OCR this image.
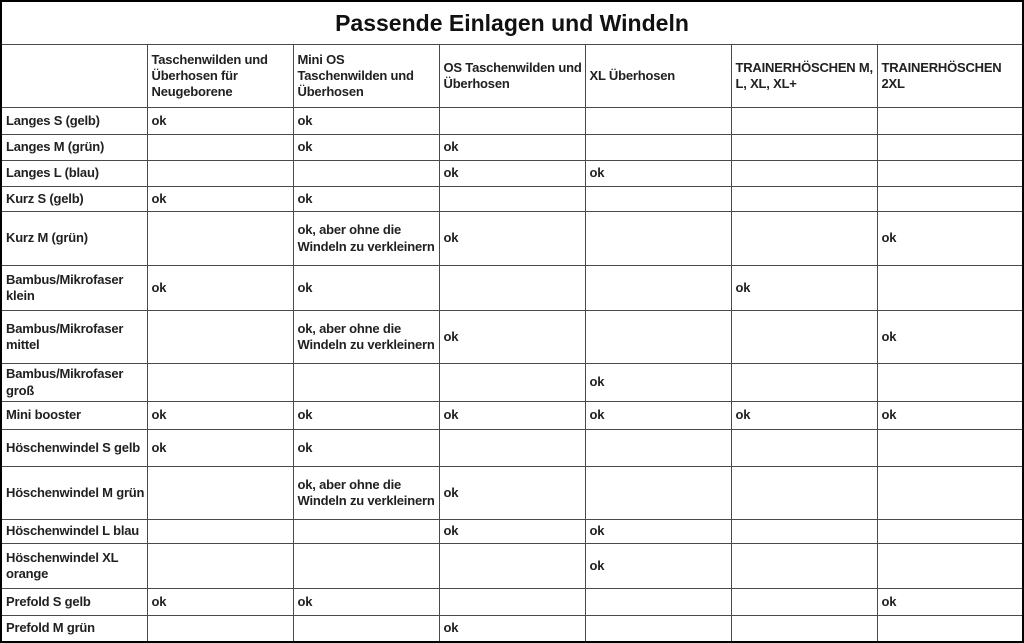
Passende Einlagen und Windeln						
	Taschenwilden und Überhosen für Neugeborene	Mini OS Taschenwilden und Überhosen	OS Taschenwilden und Überhosen	XL Überhosen	TRAINERHÖSCHEN M, L, XL, XL+	TRAINERHÖSCHEN 2XL
Langes S (gelb)	ok	ok				
Langes M (grün)		ok	ok			
Langes L (blau)			ok	ok		
Kurz S (gelb)	ok	ok				
Kurz M (grün)		ok, aber ohne die Windeln zu verkleinern	ok			ok
Bambus/Mikrofaser klein	ok	ok			ok	
Bambus/Mikrofaser mittel		ok, aber ohne die Windeln zu verkleinern	ok			ok
Bambus/Mikrofaser groß				ok		
Mini booster	ok	ok	ok	ok	ok	ok
Höschenwindel S gelb	ok	ok				
Höschenwindel M grün		ok, aber ohne die Windeln zu verkleinern	ok			
Höschenwindel L blau			ok	ok		
Höschenwindel XL orange				ok		
Prefold S gelb	ok	ok				ok
Prefold M grün			ok			
